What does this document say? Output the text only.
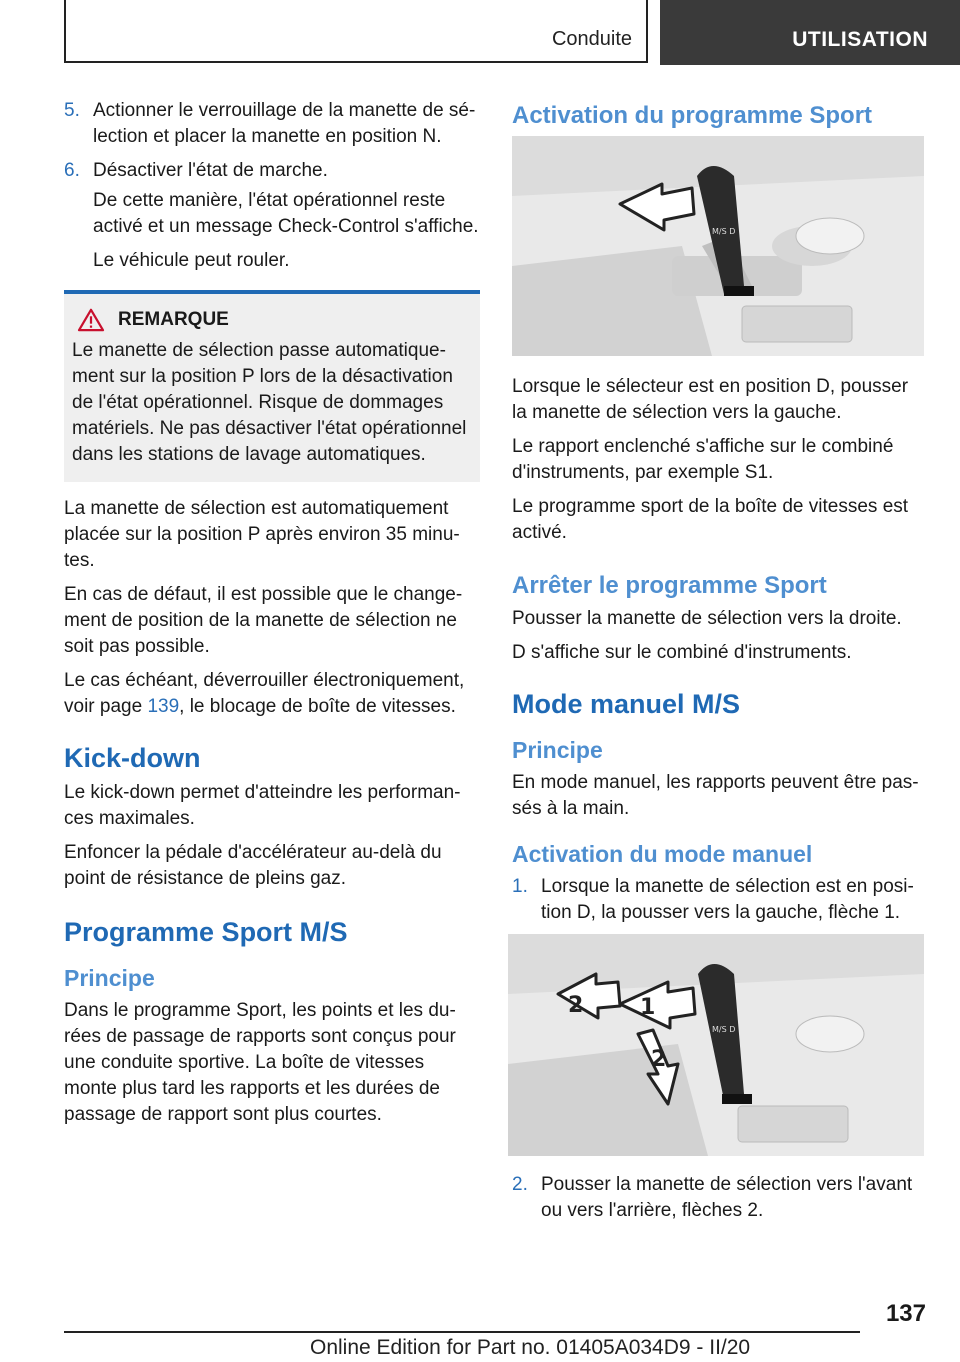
Conduite	UTILISATION
5. Actionner le verrouillage de la manette de sélection et placer la manette en position N.
6. Désactiver l'état de marche.

De cette manière, l'état opérationnel reste activé et un message Check-Control s'affiche.

Le véhicule peut rouler.

REMARQUE

Le manette de sélection passe automatiquement sur la position P lors de la désactivation de l'état opérationnel. Risque de dommages matériels. Ne pas désactiver l'état opérationnel dans les stations de lavage automatiques.

La manette de sélection est automatiquement placée sur la position P après environ 35 minutes.

En cas de défaut, il est possible que le changement de position de la manette de sélection ne soit pas possible.

Le cas échéant, déverrouiller électroniquement, voir page 139, le blocage de boîte de vitesses.

Kick-down

Le kick-down permet d'atteindre les performances maximales.

Enfoncer la pédale d'accélérateur au-delà du point de résistance de pleins gaz.

Programme Sport M/S
Principe

Dans le programme Sport, les points et les durées de passage de rapports sont conçus pour une conduite sportive. La boîte de vitesses monte plus tard les rapports et les durées de passage de rapport sont plus courtes.

Activation du programme Sport
M/S D

Lorsque le sélecteur est en position D, pousser la manette de sélection vers la gauche.

Le rapport enclenché s'affiche sur le combiné d'instruments, par exemple S1.

Le programme sport de la boîte de vitesses est activé.

Arrêter le programme Sport

Pousser la manette de sélection vers la droite.

D s'affiche sur le combiné d'instruments.

Mode manuel M/S
Principe

En mode manuel, les rapports peuvent être passés à la main.

Activation du mode manuel
1. Lorsque la manette de sélection est en position D, la pousser vers la gauche, flèche 1.
M/S D
2	1
2
2. Pousser la manette de sélection vers l'avant ou vers l'arrière, flèches 2.
137
Online Edition for Part no. 01405A034D9 - II/20
